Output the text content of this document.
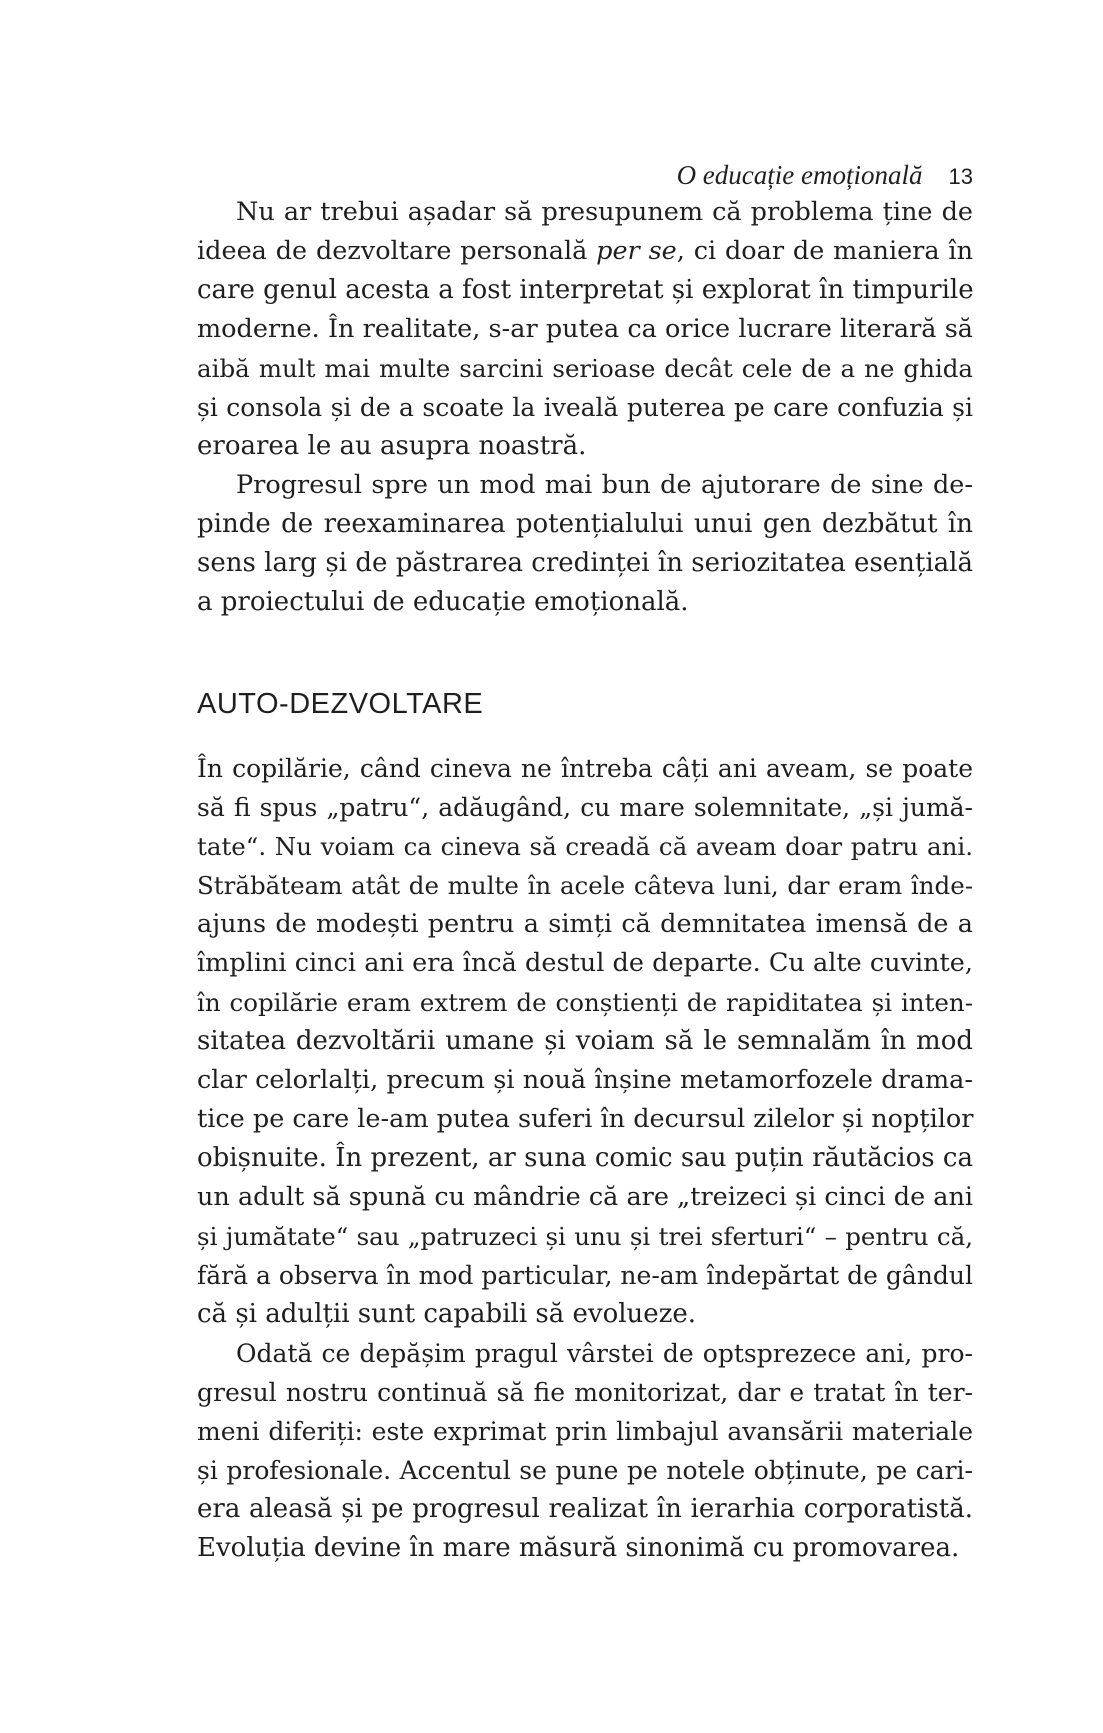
O educație emoțională 13
Nu ar trebui așadar să presupunem că problema ține de
ideea de dezvoltare personală per se, ci doar de maniera în
care genul acesta a fost interpretat și explorat în timpurile
moderne. În realitate, s-ar putea ca orice lucrare literară să
aibă mult mai multe sarcini serioase decât cele de a ne ghida
și consola și de a scoate la iveală puterea pe care confuzia și
eroarea le au asupra noastră.
Progresul spre un mod mai bun de ajutorare de sine de-
pinde de reexaminarea potențialului unui gen dezbătut în
sens larg și de păstrarea credinței în seriozitatea esențială
a proiectului de educație emoțională.
AUTO-DEZVOLTARE
În copilărie, când cineva ne întreba câți ani aveam, se poate
să fi spus „patru“, adăugând, cu mare solemnitate, „și jumă-
tate“. Nu voiam ca cineva să creadă că aveam doar patru ani.
Străbăteam atât de multe în acele câteva luni, dar eram înde-
ajuns de modești pentru a simți că demnitatea imensă de a
împlini cinci ani era încă destul de departe. Cu alte cuvinte,
în copilărie eram extrem de conștienți de rapiditatea și inten-
sitatea dezvoltării umane și voiam să le semnalăm în mod
clar celorlalți, precum și nouă înșine metamorfozele drama-
tice pe care le-am putea suferi în decursul zilelor și nopților
obișnuite. În prezent, ar suna comic sau puțin răutăcios ca
un adult să spună cu mândrie că are „treizeci și cinci de ani
și jumătate“ sau „patruzeci și unu și trei sferturi“ – pentru că,
fără a observa în mod particular, ne-am îndepărtat de gândul
că și adulții sunt capabili să evolueze.
Odată ce depășim pragul vârstei de optsprezece ani, pro-
gresul nostru continuă să fie monitorizat, dar e tratat în ter-
meni diferiți: este exprimat prin limbajul avansării materiale
și profesionale. Accentul se pune pe notele obținute, pe cari-
era aleasă și pe progresul realizat în ierarhia corporatistă.
Evoluția devine în mare măsură sinonimă cu promovarea.
